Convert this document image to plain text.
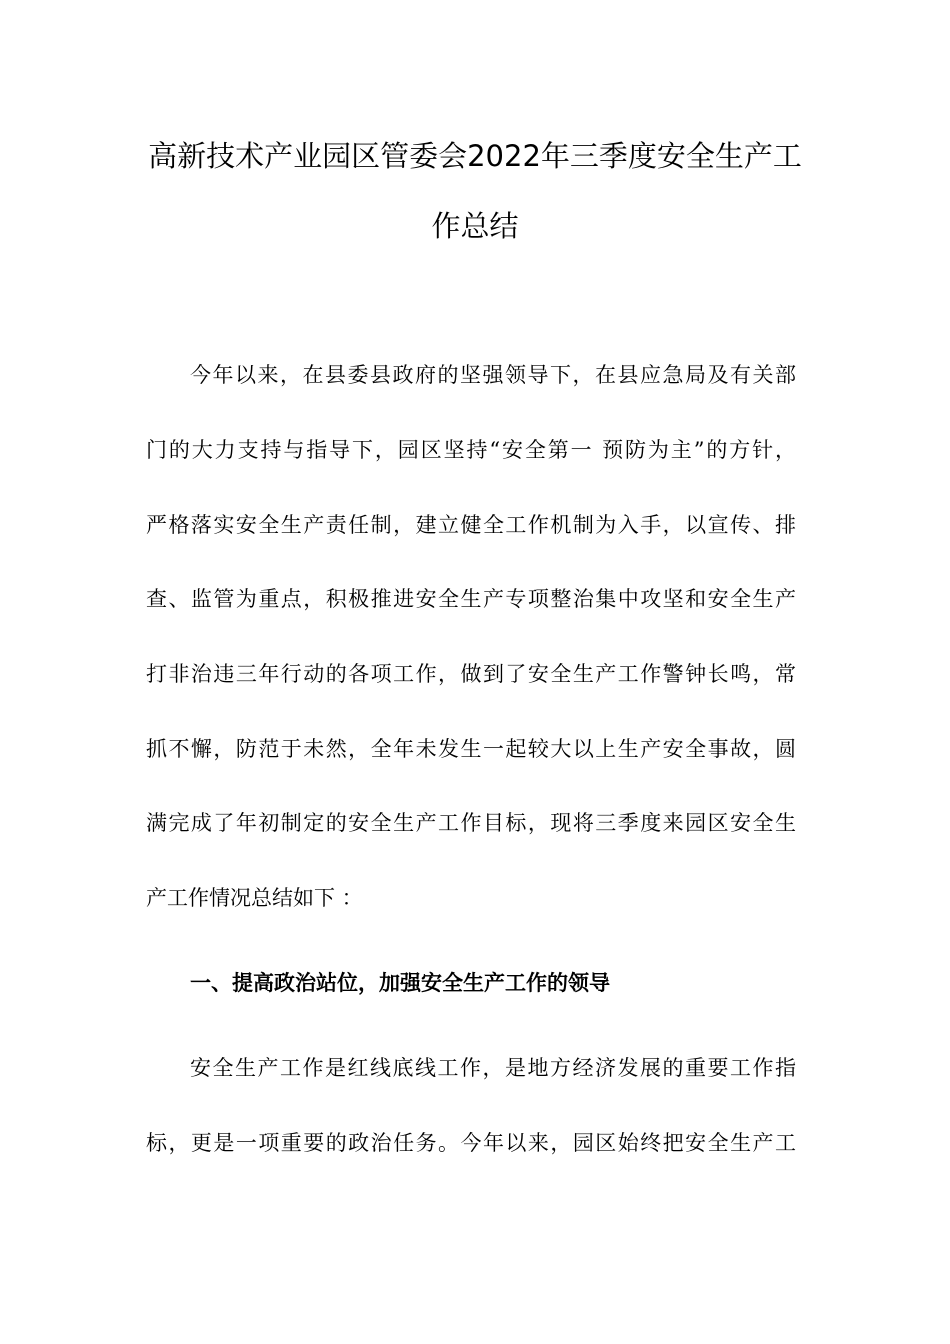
高新技术产业园区管委会2022年三季度安全生产工
作总结
今年以来，在县委县政府的坚强领导下，在县应急局及有关部
门的大力支持与指导下，园区坚持“安全第一 预防为主”的方针，
严格落实安全生产责任制，建立健全工作机制为入手，以宣传、排
查、监管为重点，积极推进安全生产专项整治集中攻坚和安全生产
打非治违三年行动的各项工作，做到了安全生产工作警钟长鸣，常
抓不懈，防范于未然，全年未发生一起较大以上生产安全事故，圆
满完成了年初制定的安全生产工作目标，现将三季度来园区安全生
产工作情况总结如下 ：
一、提高政治站位，加强安全生产工作的领导
安全生产工作是红线底线工作，是地方经济发展的重要工作指
标，更是一项重要的政治任务。今年以来，园区始终把安全生产工
